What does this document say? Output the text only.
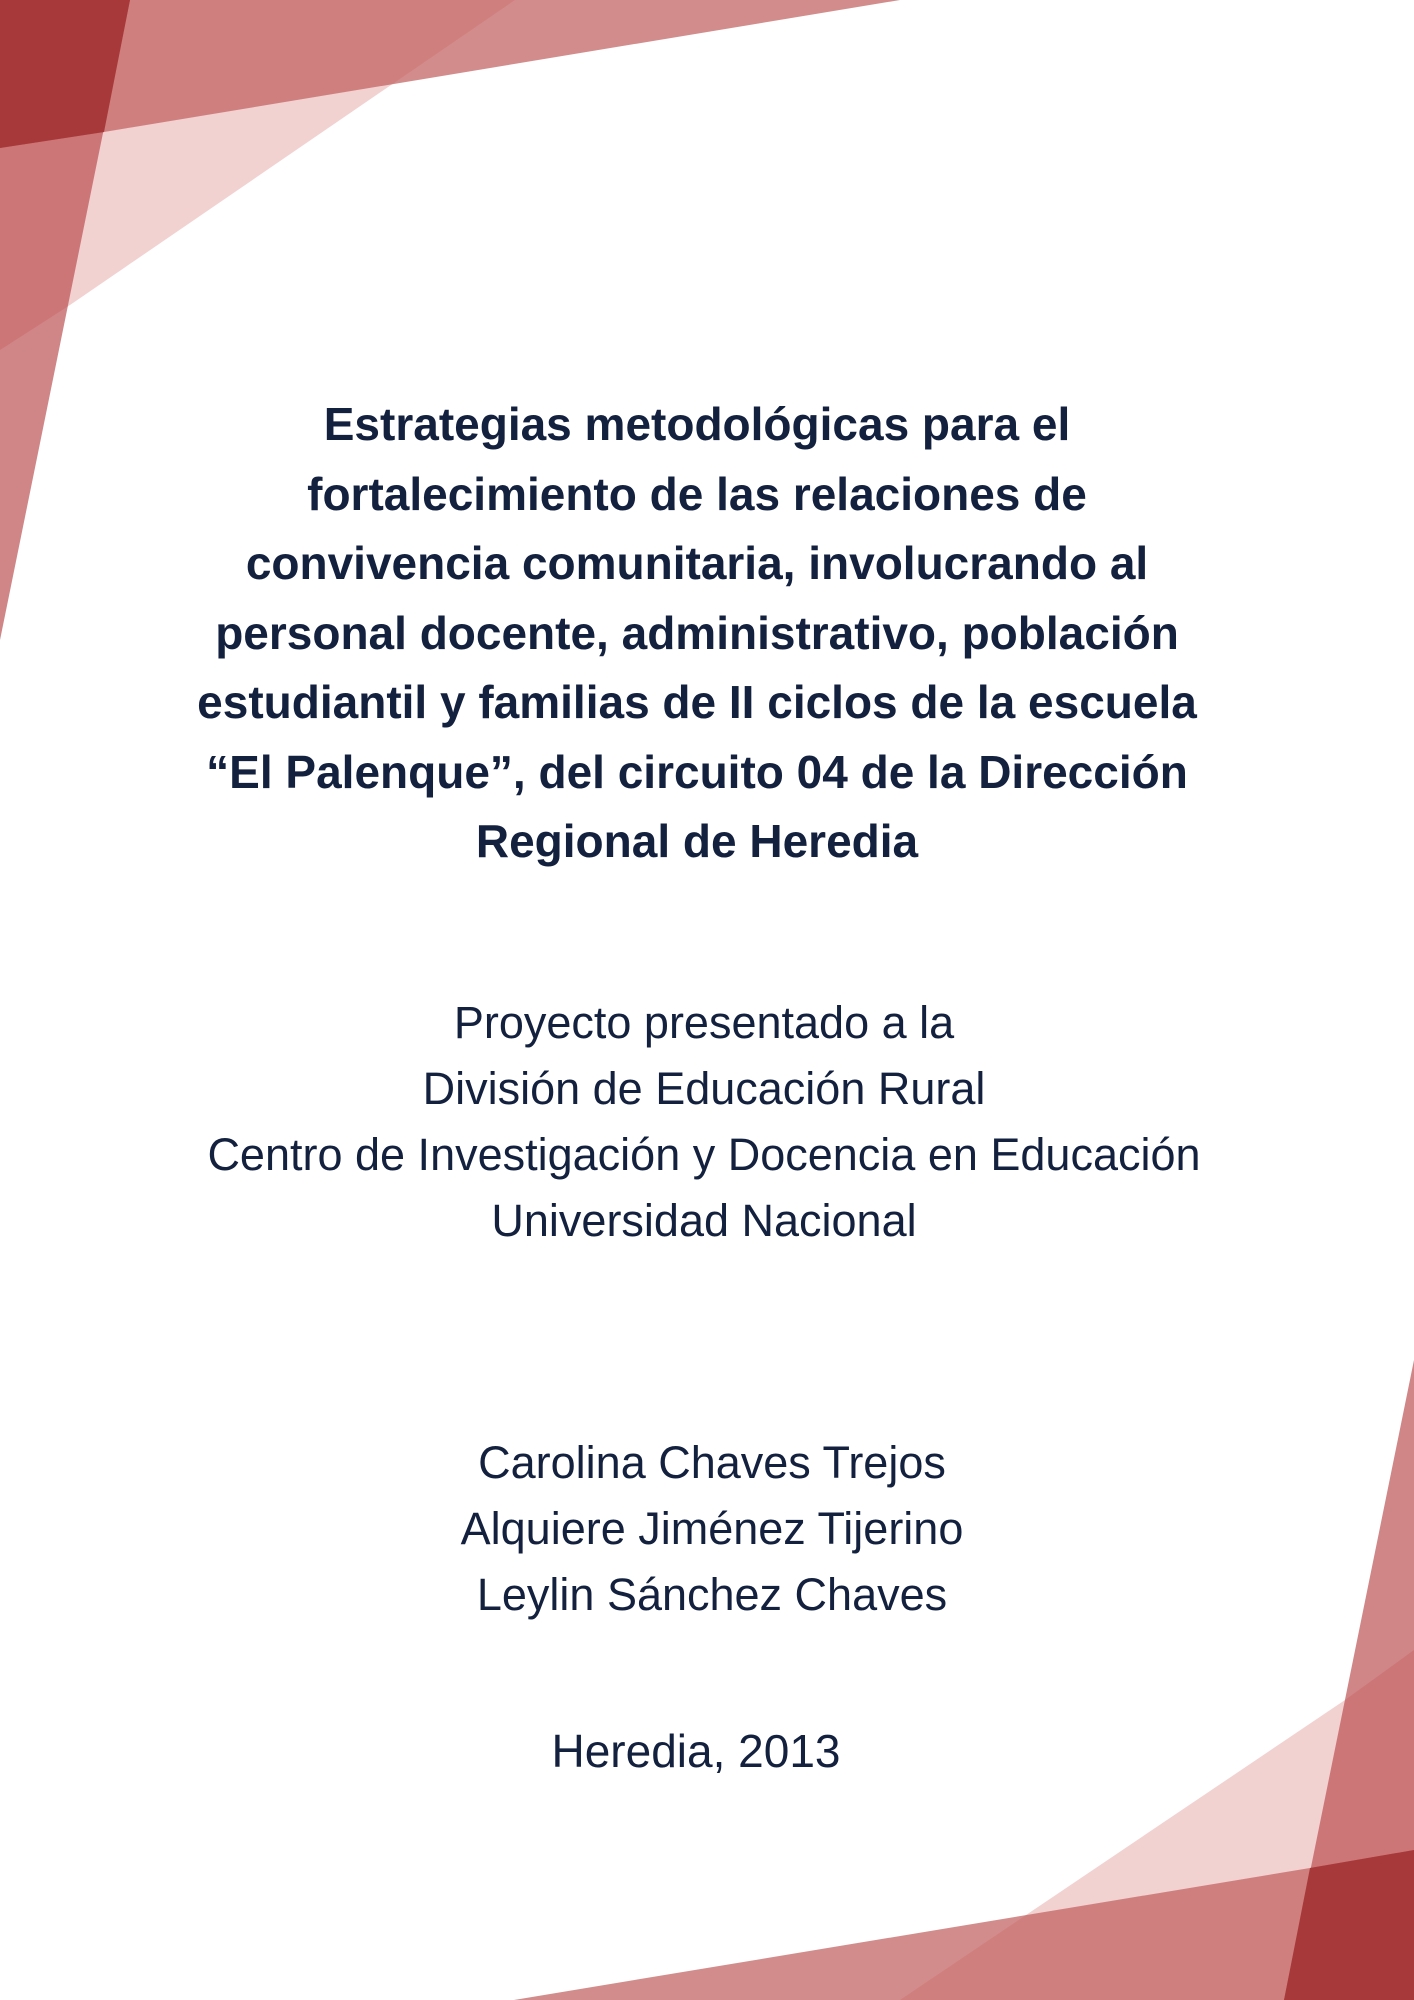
Estrategias metodológicas para el
fortalecimiento de las relaciones de
convivencia comunitaria, involucrando al
personal docente, administrativo, población
estudiantil y familias de II ciclos de la escuela
“El Palenque”, del circuito 04 de la Dirección
Regional de Heredia
Proyecto presentado a la
División de Educación Rural
Centro de Investigación y Docencia en Educación
Universidad Nacional
Carolina Chaves Trejos
Alquiere Jiménez Tijerino
Leylin Sánchez Chaves
Heredia, 2013
